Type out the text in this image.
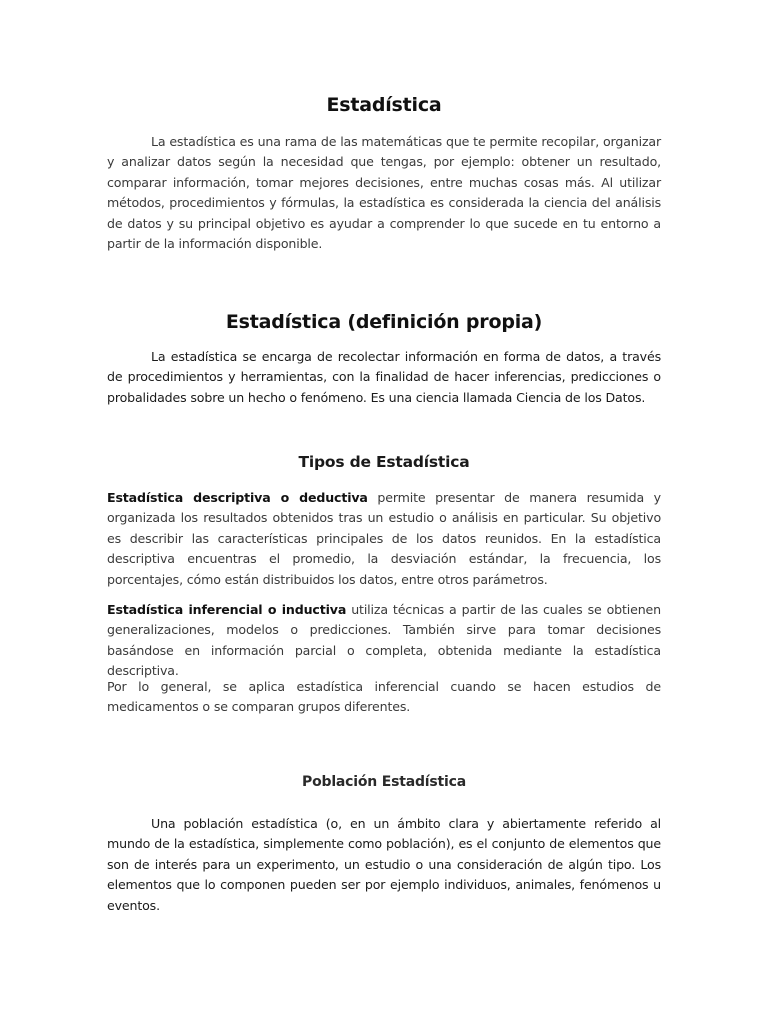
Estadística

La estadística es una rama de las matemáticas que te permite recopilar, organizar y analizar datos según la necesidad que tengas, por ejemplo: obtener un resultado, comparar información, tomar mejores decisiones, entre muchas cosas más. Al utilizar métodos, procedimientos y fórmulas, la estadística es considerada la ciencia del análisis de datos y su principal objetivo es ayudar a comprender lo que sucede en tu entorno a partir de la información disponible.

Estadística (definición propia)

La estadística se encarga de recolectar información en forma de datos, a través de procedimientos y herramientas, con la finalidad de hacer inferencias, predicciones o probalidades sobre un hecho o fenómeno. Es una ciencia llamada Ciencia de los Datos.

Tipos de Estadística

Estadística descriptiva o deductiva permite presentar de manera resumida y organizada los resultados obtenidos tras un estudio o análisis en particular. Su objetivo es describir las características principales de los datos reunidos. En la estadística descriptiva encuentras el promedio, la desviación estándar, la frecuencia, los porcentajes, cómo están distribuidos los datos, entre otros parámetros.

Estadística inferencial o inductiva utiliza técnicas a partir de las cuales se obtienen generalizaciones, modelos o predicciones. También sirve para tomar decisiones basándose en información parcial o completa, obtenida mediante la estadística descriptiva.

Por lo general, se aplica estadística inferencial cuando se hacen estudios de medicamentos o se comparan grupos diferentes.

Población Estadística

Una población estadística (o, en un ámbito clara y abiertamente referido al mundo de la estadística, simplemente como población), es el conjunto de elementos que son de interés para un experimento, un estudio o una consideración de algún tipo. Los elementos que lo componen pueden ser por ejemplo individuos, animales, fenómenos u eventos.
